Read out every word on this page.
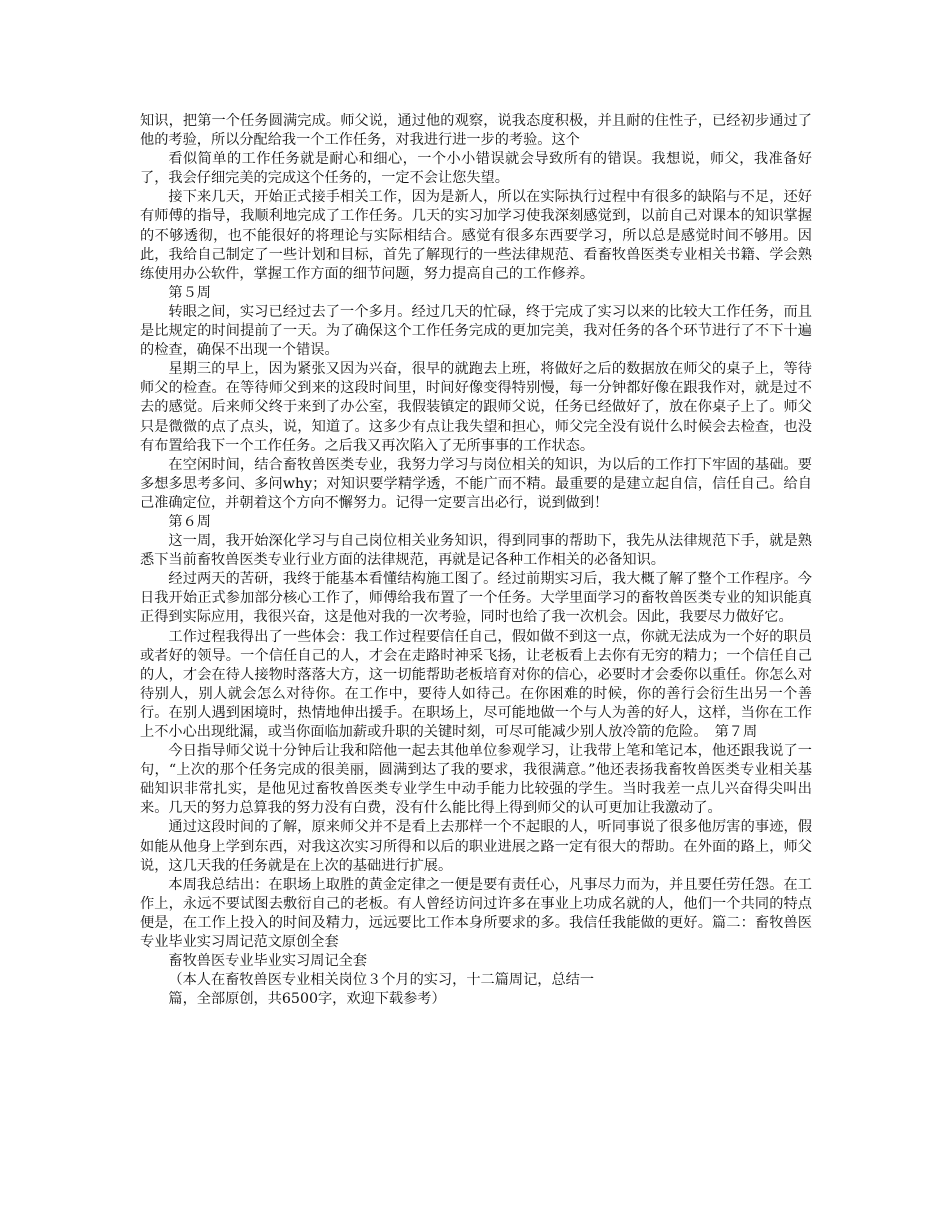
知识，把第一个任务圆满完成。师父说，通过他的观察，说我态度积极，并且耐的住性子，已经初步通过了他的考验，所以分配给我一个工作任务，对我进行进一步的考验。这个

看似简单的工作任务就是耐心和细心，一个小小错误就会导致所有的错误。我想说，师父，我准备好了，我会仔细完美的完成这个任务的，一定不会让您失望。

接下来几天，开始正式接手相关工作，因为是新人，所以在实际执行过程中有很多的缺陷与不足，还好有师傅的指导，我顺利地完成了工作任务。几天的实习加学习使我深刻感觉到，以前自己对课本的知识掌握的不够透彻，也不能很好的将理论与实际相结合。感觉有很多东西要学习，所以总是感觉时间不够用。因此，我给自己制定了一些计划和目标，首先了解现行的一些法律规范、看畜牧兽医类专业相关书籍、学会熟练使用办公软件，掌握工作方面的细节问题，努力提高自己的工作修养。

第５周

转眼之间，实习已经过去了一个多月。经过几天的忙碌，终于完成了实习以来的比较大工作任务，而且是比规定的时间提前了一天。为了确保这个工作任务完成的更加完美，我对任务的各个环节进行了不下十遍的检查，确保不出现一个错误。

星期三的早上，因为紧张又因为兴奋，很早的就跑去上班，将做好之后的数据放在师父的桌子上，等待师父的检查。在等待师父到来的这段时间里，时间好像变得特别慢，每一分钟都好像在跟我作对，就是过不去的感觉。后来师父终于来到了办公室，我假装镇定的跟师父说，任务已经做好了，放在你桌子上了。师父只是微微的点了点头，说，知道了。这多少有点让我失望和担心，师父完全没有说什么时候会去检查，也没有布置给我下一个工作任务。之后我又再次陷入了无所事事的工作状态。

在空闲时间，结合畜牧兽医类专业，我努力学习与岗位相关的知识，为以后的工作打下牢固的基础。要多想多思考多问、多问why；对知识要学精学透，不能广而不精。最重要的是建立起自信，信任自己。给自己准确定位，并朝着这个方向不懈努力。记得一定要言出必行，说到做到！

第６周

这一周，我开始深化学习与自己岗位相关业务知识，得到同事的帮助下，我先从法律规范下手，就是熟悉下当前畜牧兽医类专业行业方面的法律规范，再就是记各种工作相关的必备知识。

经过两天的苦研，我终于能基本看懂结构施工图了。经过前期实习后，我大概了解了整个工作程序。今日我开始正式参加部分核心工作了，师傅给我布置了一个任务。大学里面学习的畜牧兽医类专业的知识能真正得到实际应用，我很兴奋，这是他对我的一次考验，同时也给了我一次机会。因此，我要尽力做好它。

工作过程我得出了一些体会：我工作过程要信任自己，假如做不到这一点，你就无法成为一个好的职员或者好的领导。一个信任自己的人，才会在走路时神采飞扬，让老板看上去你有无穷的精力；一个信任自己的人，才会在待人接物时落落大方，这一切能帮助老板培育对你的信心，必要时才会委你以重任。你怎么对待别人，别人就会怎么对待你。在工作中，要待人如待己。在你困难的时候，你的善行会衍生出另一个善行。在别人遇到困境时，热情地伸出援手。在职场上，尽可能地做一个与人为善的好人，这样，当你在工作上不小心出现纰漏，或当你面临加薪或升职的关键时刻，可尽可能减少别人放冷箭的危险。　第７周

今日指导师父说十分钟后让我和陪他一起去其他单位参观学习，让我带上笔和笔记本，他还跟我说了一句，“上次的那个任务完成的很美丽，圆满到达了我的要求，我很满意。”他还表扬我畜牧兽医类专业相关基础知识非常扎实，是他见过畜牧兽医类专业学生中动手能力比较强的学生。当时我差一点儿兴奋得尖叫出来。几天的努力总算我的努力没有白费，没有什么能比得上得到师父的认可更加让我激动了。

通过这段时间的了解，原来师父并不是看上去那样一个不起眼的人，听同事说了很多他厉害的事迹，假如能从他身上学到东西，对我这次实习所得和以后的职业进展之路一定有很大的帮助。在外面的路上，师父说，这几天我的任务就是在上次的基础进行扩展。

本周我总结出：在职场上取胜的黄金定律之一便是要有责任心，凡事尽力而为，并且要任劳任怨。在工作上，永远不要试图去敷衍自己的老板。有人曾经访问过许多在事业上功成名就的人，他们一个共同的特点便是，在工作上投入的时间及精力，远远要比工作本身所要求的多。我信任我能做的更好。篇二：畜牧兽医专业毕业实习周记范文原创全套

畜牧兽医专业毕业实习周记全套

（本人在畜牧兽医专业相关岗位３个月的实习，十二篇周记，总结一

篇，全部原创，共6500字，欢迎下载参考）
